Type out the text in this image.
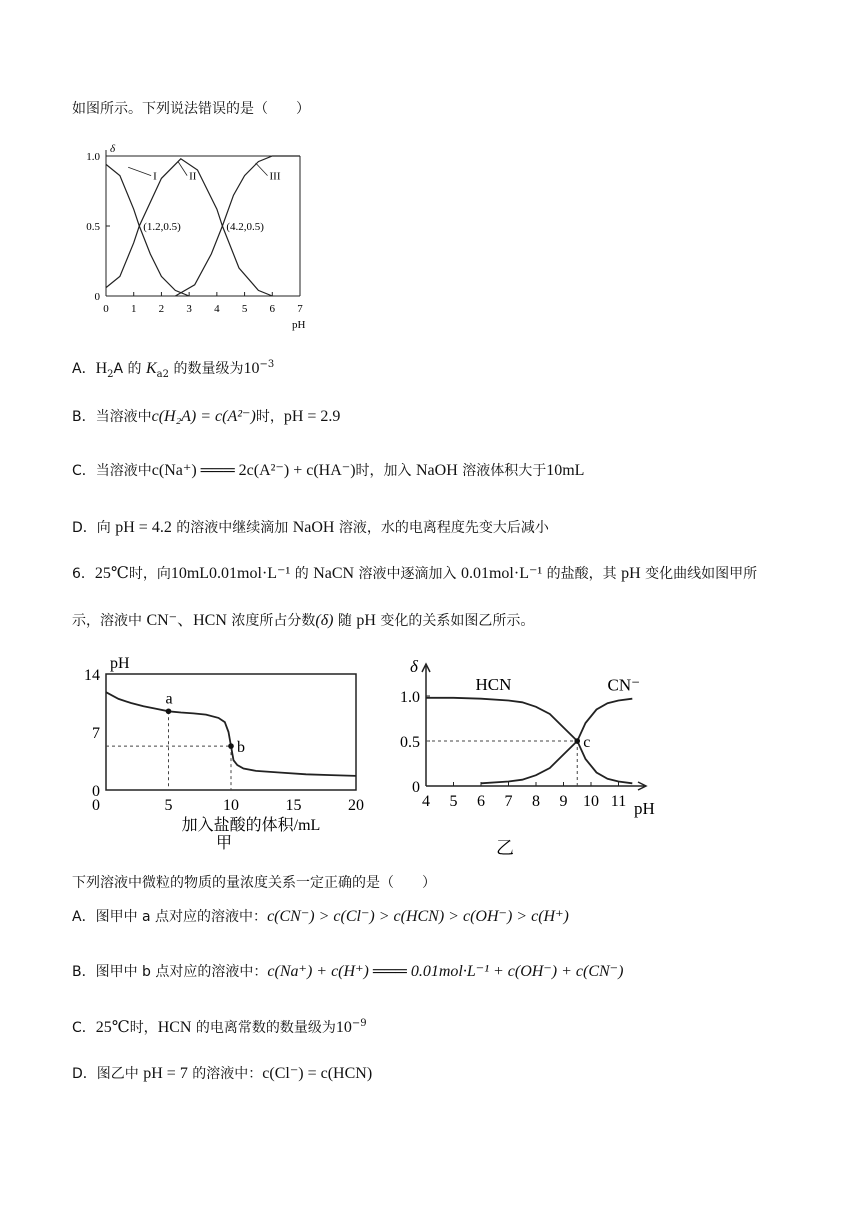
如图所示。下列说法错误的是（　　）
1.0
0.5
0
δ
0 1 2 3 4 5 6 7
pH
I	II	III
(1.2,0.5)	(4.2,0.5)
A．$H_2A$ 的 $K_{a2}$ 的数量级为$10^{-3}$
B．当溶液中c(H₂A) = c(A²⁻)时，pH = 2.9
C．当溶液中c(Na⁺) ═══ 2c(A²⁻) + c(HA⁻)时，加入 NaOH 溶液体积大于10mL
D．向 pH = 4.2 的溶液中继续滴加 NaOH 溶液，水的电离程度先变大后减小
6．25℃时，向10mL0.01mol·L⁻¹ 的 NaCN 溶液中逐滴加入 0.01mol·L⁻¹ 的盐酸，其 pH 变化曲线如图甲所
示，溶液中 CN⁻、HCN 浓度所占分数(δ) 随 pH 变化的关系如图乙所示。
pH
14
7
0
5	10	15	20
0
加入盐酸的体积/mL
甲
a
b
δ
1.0
0.5
0
4 5 6 7 8 9 10 11 pH
乙
c
HCN	CN⁻
下列溶液中微粒的物质的量浓度关系一定正确的是（　　）
A．图甲中 a 点对应的溶液中：c(CN⁻) > c(Cl⁻) > c(HCN) > c(OH⁻) > c(H⁺)
B．图甲中 b 点对应的溶液中：c(Na⁺) + c(H⁺) ═══ 0.01mol·L⁻¹ + c(OH⁻) + c(CN⁻)
C．25℃时，HCN 的电离常数的数量级为$10^{-9}$
D．图乙中 pH = 7 的溶液中：c(Cl⁻) = c(HCN)
